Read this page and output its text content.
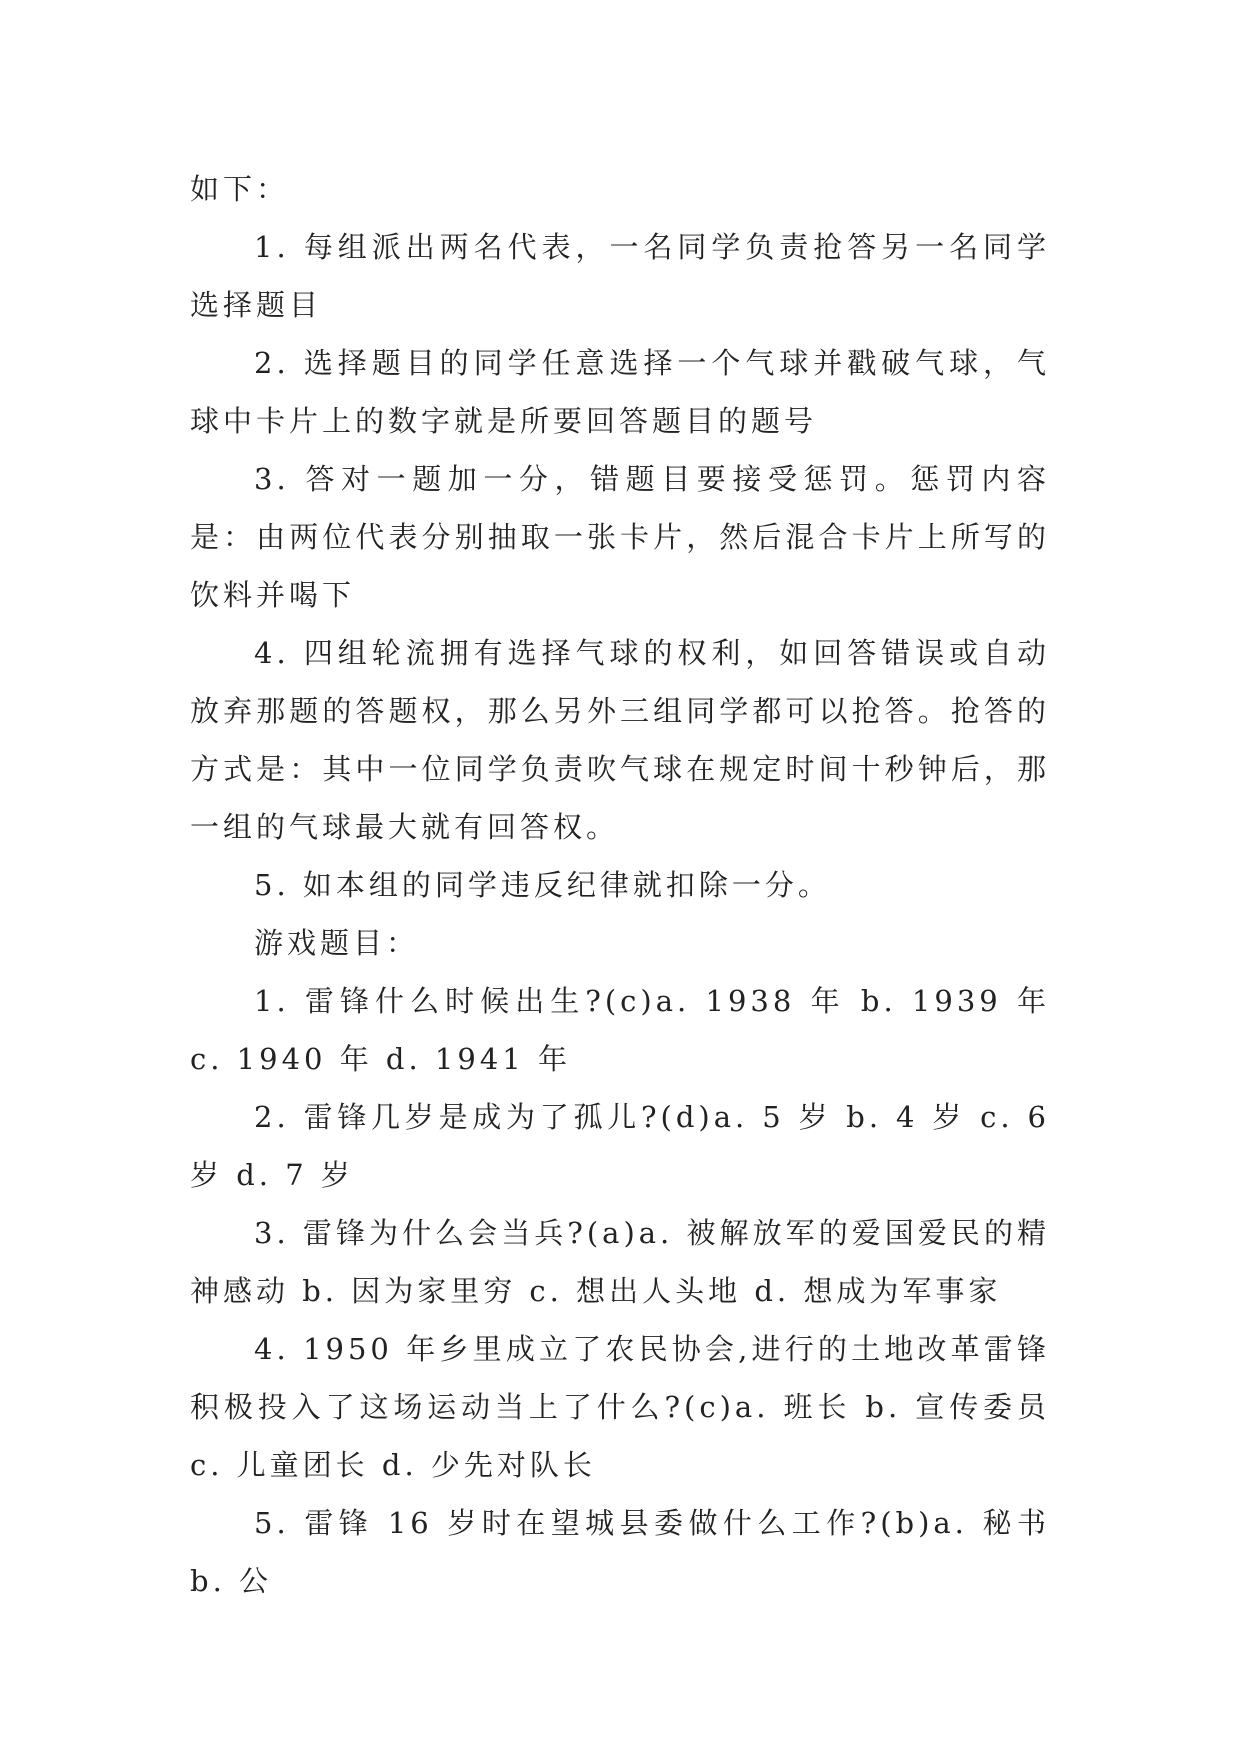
如下：

1. 每组派出两名代表，一名同学负责抢答另一名同学选择题目

2. 选择题目的同学任意选择一个气球并戳破气球，气球中卡片上的数字就是所要回答题目的题号

3. 答对一题加一分，错题目要接受惩罚。惩罚内容是：由两位代表分别抽取一张卡片，然后混合卡片上所写的饮料并喝下

4. 四组轮流拥有选择气球的权利，如回答错误或自动放弃那题的答题权，那么另外三组同学都可以抢答。抢答的方式是：其中一位同学负责吹气球在规定时间十秒钟后，那一组的气球最大就有回答权。

5. 如本组的同学违反纪律就扣除一分。

游戏题目：

1. 雷锋什么时候出生?(c)a. 1938 年 b. 1939 年 c. 1940 年 d. 1941 年

2. 雷锋几岁是成为了孤儿?(d)a. 5 岁 b. 4 岁 c. 6 岁 d. 7 岁

3. 雷锋为什么会当兵?(a)a. 被解放军的爱国爱民的精神感动 b. 因为家里穷 c. 想出人头地 d. 想成为军事家

4. 1950 年乡里成立了农民协会,进行的土地改革雷锋积极投入了这场运动当上了什么?(c)a. 班长 b. 宣传委员 c. 儿童团长 d. 少先对队长

5. 雷锋 16 岁时在望城县委做什么工作?(b)a. 秘书 b. 公
